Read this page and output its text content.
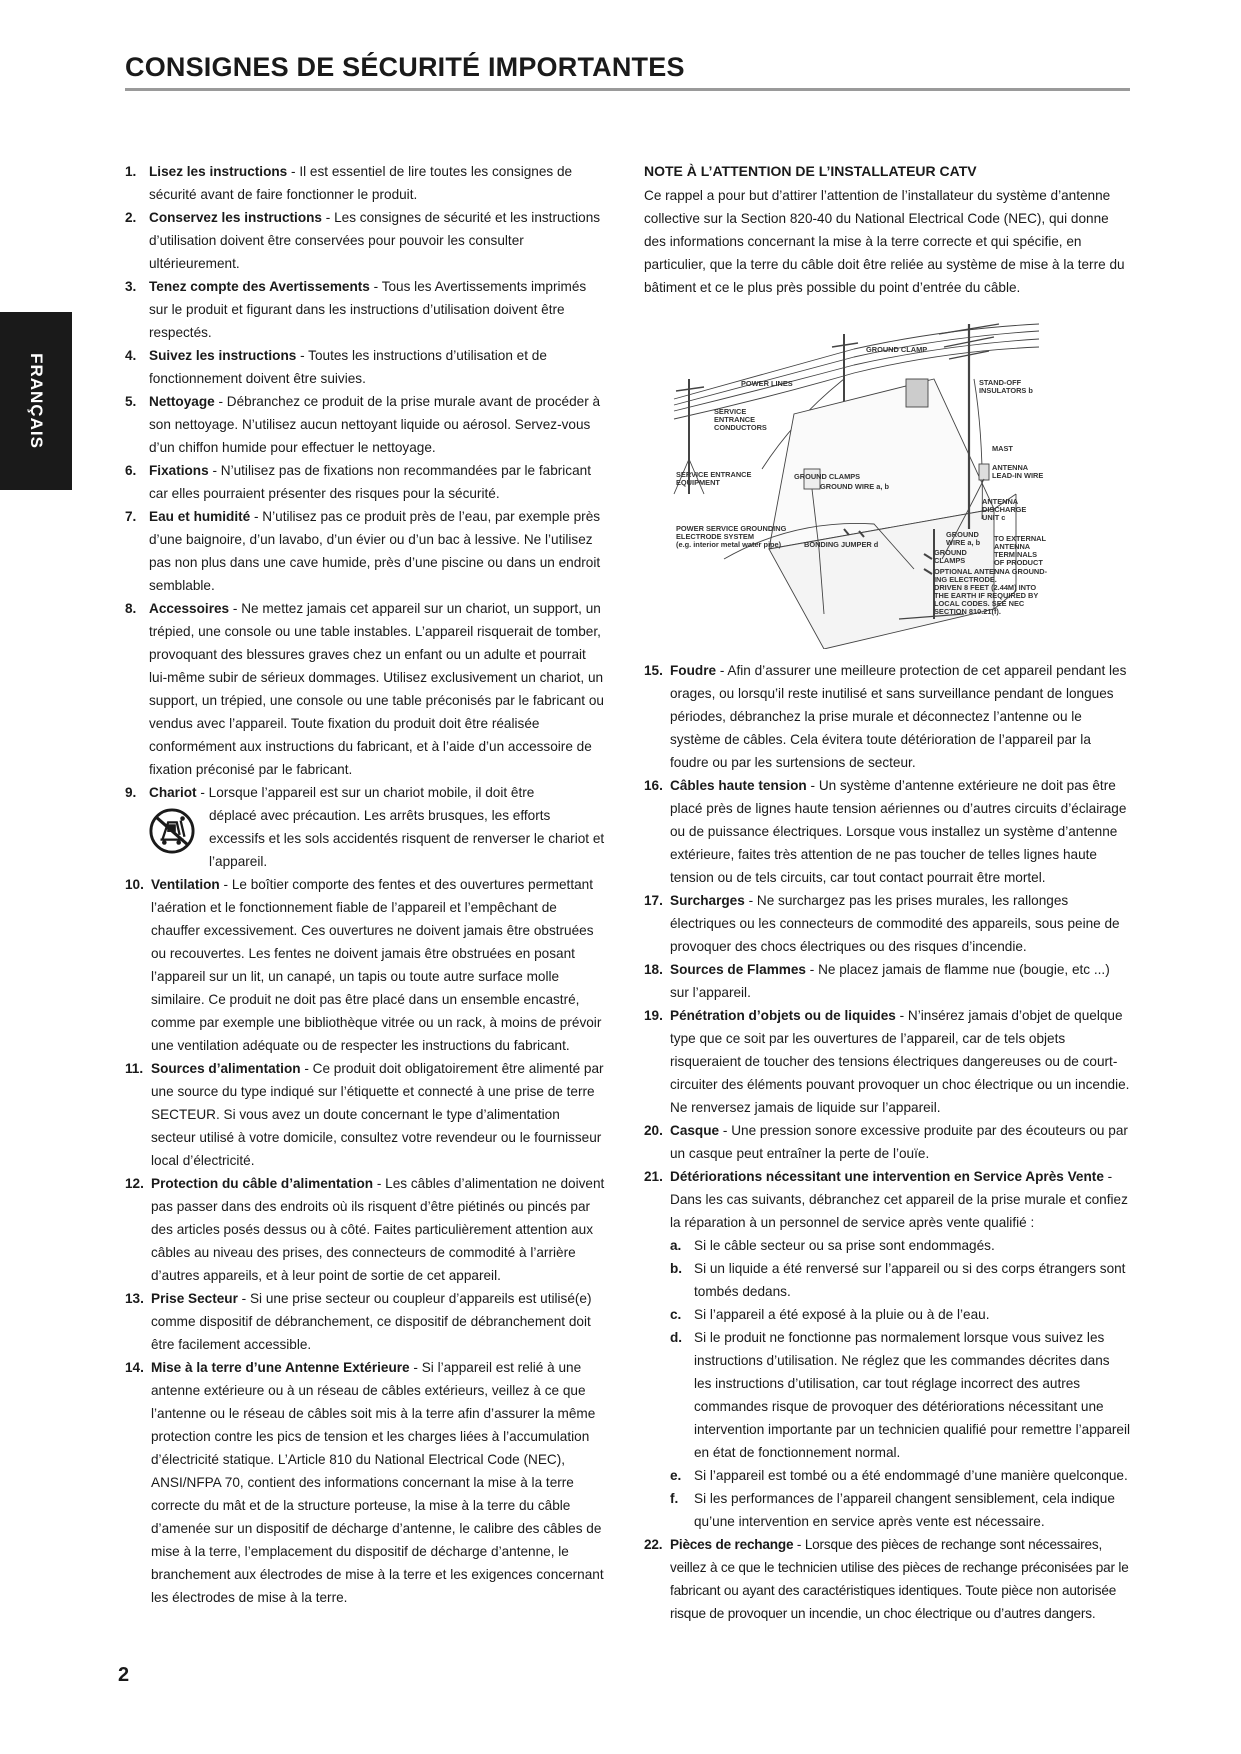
CONSIGNES DE SÉCURITÉ IMPORTANTES
FRANÇAIS
1. Lisez les instructions - Il est essentiel de lire toutes les consignes de sécurité avant de faire fonctionner le produit.
2. Conservez les instructions - Les consignes de sécurité et les instructions d’utilisation doivent être conservées pour pouvoir les consulter ultérieurement.
3. Tenez compte des Avertissements - Tous les Avertissements imprimés sur le produit et figurant dans les instructions d’utilisation doivent être respectés.
4. Suivez les instructions - Toutes les instructions d’utilisation et de fonctionnement doivent être suivies.
5. Nettoyage - Débranchez ce produit de la prise murale avant de procéder à son nettoyage. N’utilisez aucun nettoyant liquide ou aérosol. Servez-vous d’un chiffon humide pour effectuer le nettoyage.
6. Fixations - N’utilisez pas de fixations non recommandées par le fabricant car elles pourraient présenter des risques pour la sécurité.
7. Eau et humidité - N’utilisez pas ce produit près de l’eau, par exemple près d’une baignoire, d’un lavabo, d’un évier ou d’un bac à lessive. Ne l’utilisez pas non plus dans une cave humide, près d’une piscine ou dans un endroit semblable.
8. Accessoires - Ne mettez jamais cet appareil sur un chariot, un support, un trépied, une console ou une table instables. L’appareil risquerait de tomber, provoquant des blessures graves chez un enfant ou un adulte et pourrait lui-même subir de sérieux dommages. Utilisez exclusivement un chariot, un support, un trépied, une console ou une table préconisés par le fabricant ou vendus avec l’appareil. Toute fixation du produit doit être réalisée conformément aux instructions du fabricant, et à l’aide d’un accessoire de fixation préconisé par le fabricant.
9. Chariot - Lorsque l’appareil est sur un chariot mobile, il doit être
déplacé avec précaution. Les arrêts brusques, les efforts excessifs et les sols accidentés risquent de renverser le chariot et l’appareil.
10. Ventilation - Le boîtier comporte des fentes et des ouvertures permettant l’aération et le fonctionnement fiable de l’appareil et l’empêchant de chauffer excessivement. Ces ouvertures ne doivent jamais être obstruées ou recouvertes. Les fentes ne doivent jamais être obstruées en posant l’appareil sur un lit, un canapé, un tapis ou toute autre surface molle similaire. Ce produit ne doit pas être placé dans un ensemble encastré, comme par exemple une bibliothèque vitrée ou un rack, à moins de prévoir une ventilation adéquate ou de respecter les instructions du fabricant.
11. Sources d’alimentation - Ce produit doit obligatoirement être alimenté par une source du type indiqué sur l’étiquette et connecté à une prise de terre SECTEUR. Si vous avez un doute concernant le type d’alimentation secteur utilisé à votre domicile, consultez votre revendeur ou le fournisseur local d’électricité.
12. Protection du câble d’alimentation - Les câbles d’alimentation ne doivent pas passer dans des endroits où ils risquent d’être piétinés ou pincés par des articles posés dessus ou à côté. Faites particulièrement attention aux câbles au niveau des prises, des connecteurs de commodité à l’arrière d’autres appareils, et à leur point de sortie de cet appareil.
13. Prise Secteur - Si une prise secteur ou coupleur d’appareils est utilisé(e) comme dispositif de débranchement, ce dispositif de débranchement doit être facilement accessible.
14. Mise à la terre d’une Antenne Extérieure - Si l’appareil est relié à une antenne extérieure ou à un réseau de câbles extérieurs, veillez à ce que l’antenne ou le réseau de câbles soit mis à la terre afin d’assurer la même protection contre les pics de tension et les charges liées à l’accumulation d’électricité statique. L’Article 810 du National Electrical Code (NEC), ANSI/NFPA 70, contient des informations concernant la mise à la terre correcte du mât et de la structure porteuse, la mise à la terre du câble d’amenée sur un dispositif de décharge d’antenne, le calibre des câbles de mise à la terre, l’emplacement du dispositif de décharge d’antenne, le branchement aux électrodes de mise à la terre et les exigences concernant les électrodes de mise à la terre.
NOTE À L’ATTENTION DE L’INSTALLATEUR CATV
Ce rappel a pour but d’attirer l’attention de l’installateur du système d’antenne collective sur la Section 820-40 du National Electrical Code (NEC), qui donne des informations concernant la mise à la terre correcte et qui spécifie, en particulier, que la terre du câble doit être reliée au système de mise à la terre du bâtiment et ce le plus près possible du point d’entrée du câble.
GROUND CLAMP
POWER LINES	STAND-OFF
INSULATORS b
SERVICE
ENTRANCE
CONDUCTORS
MAST
SERVICE ENTRANCE
EQUIPMENT
GROUND CLAMPS
GROUND WIRE a, b
ANTENNA
LEAD-IN WIRE
ANTENNA
DISCHARGE
UNIT c
POWER SERVICE GROUNDING
ELECTRODE SYSTEM
(e.g. interior metal water pipe)	BONDING JUMPER d
GROUND
WIRE a, b TO EXTERNAL
ANTENNA
TERMINALS
OF PRODUCT
GROUND
CLAMPS
OPTIONAL ANTENNA GROUND-
ING ELECTRODE.
DRIVEN 8 FEET (2.44M) INTO
THE EARTH IF REQUIRED BY
LOCAL CODES. SEE NEC
SECTION 810.21(f).
15. Foudre - Afin d’assurer une meilleure protection de cet appareil pendant les orages, ou lorsqu’il reste inutilisé et sans surveillance pendant de longues périodes, débranchez la prise murale et déconnectez l’antenne ou le système de câbles. Cela évitera toute détérioration de l’appareil par la foudre ou par les surtensions de secteur.
16. Câbles haute tension - Un système d’antenne extérieure ne doit pas être placé près de lignes haute tension aériennes ou d’autres circuits d’éclairage ou de puissance électriques. Lorsque vous installez un système d’antenne extérieure, faites très attention de ne pas toucher de telles lignes haute tension ou de tels circuits, car tout contact pourrait être mortel.
17. Surcharges - Ne surchargez pas les prises murales, les rallonges électriques ou les connecteurs de commodité des appareils, sous peine de provoquer des chocs électriques ou des risques d’incendie.
18. Sources de Flammes - Ne placez jamais de flamme nue (bougie, etc ...) sur l’appareil.
19. Pénétration d’objets ou de liquides - N’insérez jamais d’objet de quelque type que ce soit par les ouvertures de l’appareil, car de tels objets risqueraient de toucher des tensions électriques dangereuses ou de court-circuiter des éléments pouvant provoquer un choc électrique ou un incendie. Ne renversez jamais de liquide sur l’appareil.
20. Casque - Une pression sonore excessive produite par des écouteurs ou par un casque peut entraîner la perte de l’ouïe.
21. Détériorations nécessitant une intervention en Service Après Vente - Dans les cas suivants, débranchez cet appareil de la prise murale et confiez la réparation à un personnel de service après vente qualifié :
a. Si le câble secteur ou sa prise sont endommagés.
b. Si un liquide a été renversé sur l’appareil ou si des corps étrangers sont tombés dedans.
c. Si l’appareil a été exposé à la pluie ou à de l’eau.
d. Si le produit ne fonctionne pas normalement lorsque vous suivez les instructions d’utilisation. Ne réglez que les commandes décrites dans les instructions d’utilisation, car tout réglage incorrect des autres commandes risque de provoquer des détériorations nécessitant une intervention importante par un technicien qualifié pour remettre l’appareil en état de fonctionnement normal.
e. Si l’appareil est tombé ou a été endommagé d’une manière quelconque.
f. Si les performances de l’appareil changent sensiblement, cela indique qu’une intervention en service après vente est nécessaire.
22. Pièces de rechange - Lorsque des pièces de rechange sont nécessaires, veillez à ce que le technicien utilise des pièces de rechange préconisées par le fabricant ou ayant des caractéristiques identiques. Toute pièce non autorisée risque de provoquer un incendie, un choc électrique ou d’autres dangers.
2
